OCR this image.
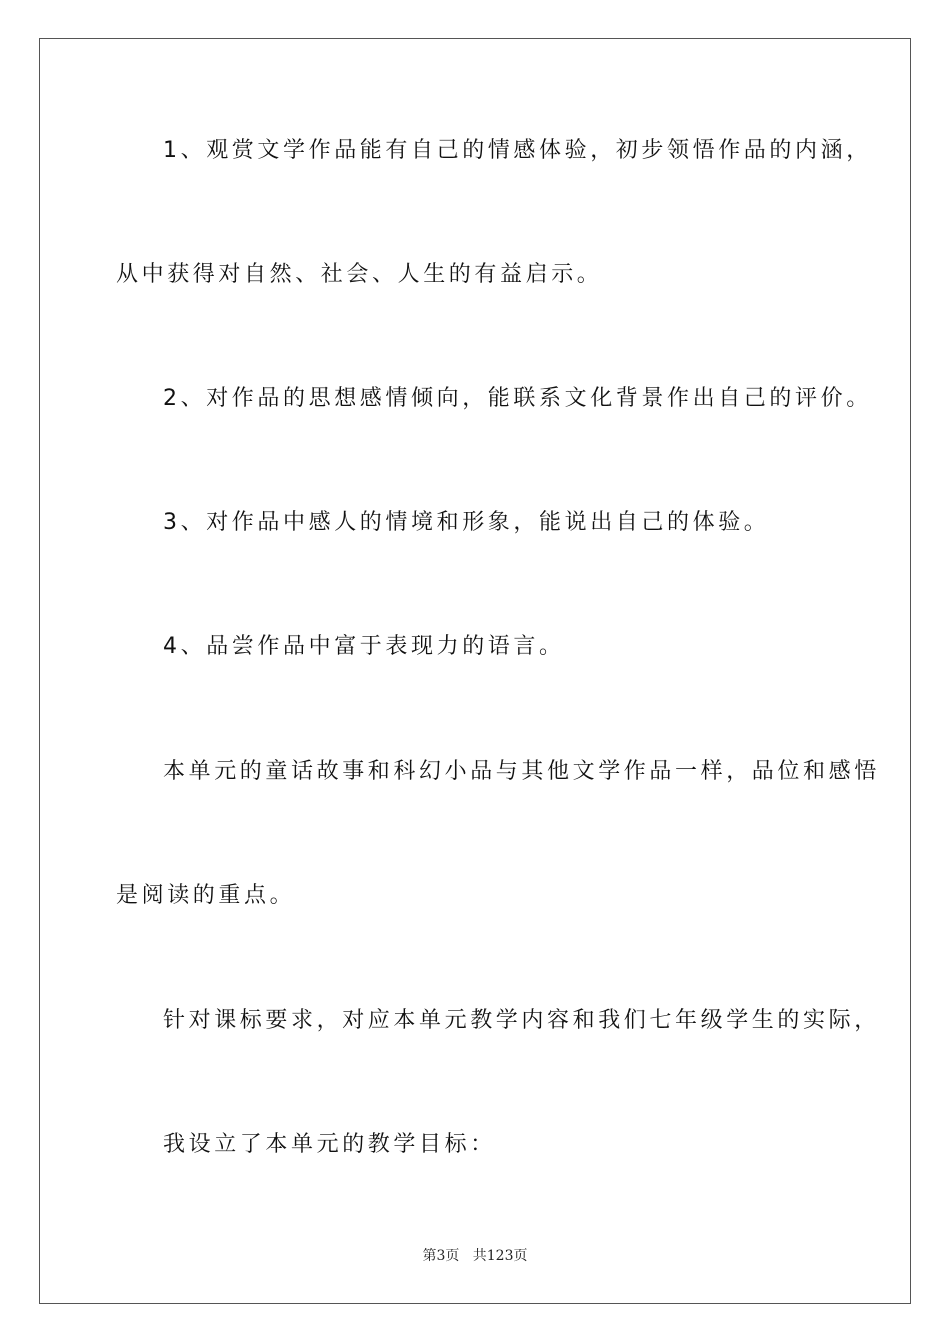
1、观赏文学作品能有自己的情感体验，初步领悟作品的内涵，

从中获得对自然、社会、人生的有益启示。

2、对作品的思想感情倾向，能联系文化背景作出自己的评价。

3、对作品中感人的情境和形象，能说出自己的体验。

4、品尝作品中富于表现力的语言。

本单元的童话故事和科幻小品与其他文学作品一样，品位和感悟

是阅读的重点。

针对课标要求，对应本单元教学内容和我们七年级学生的实际，

我设立了本单元的教学目标：

第3页 共123页
